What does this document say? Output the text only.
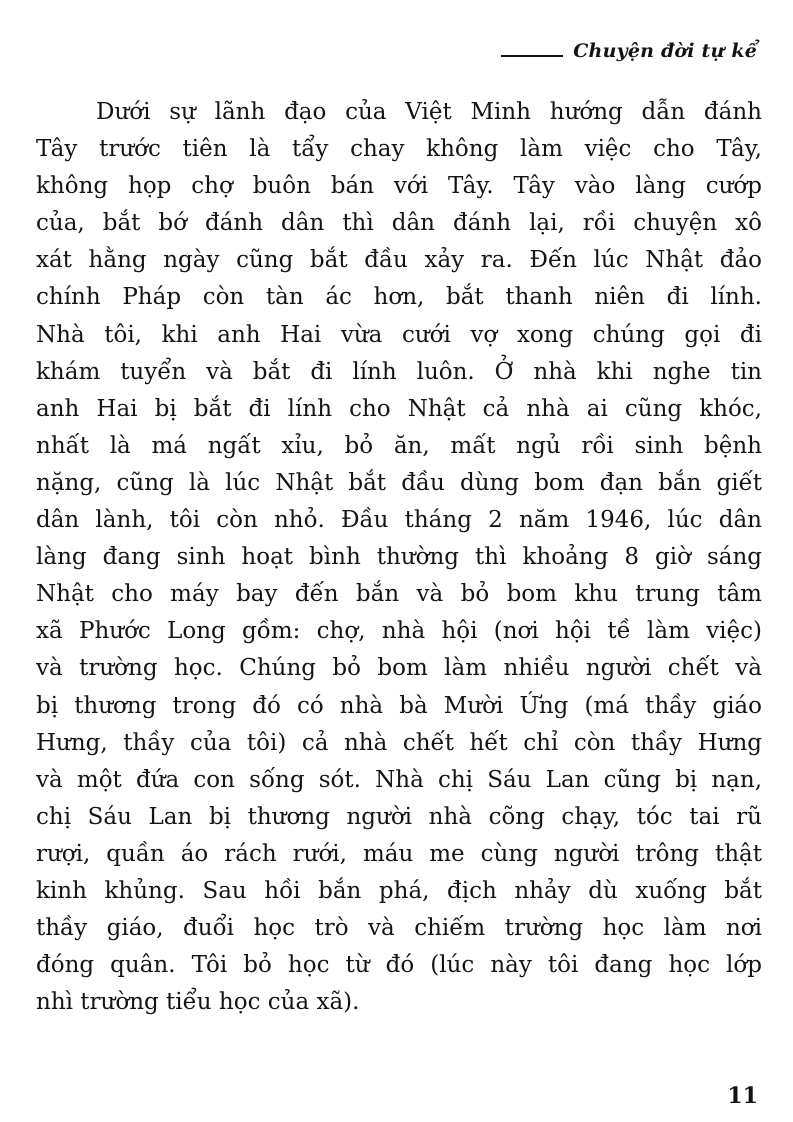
Chuyện đời tự kể

Dưới sự lãnh đạo của Việt Minh hướng dẫn đánh
Tây trước tiên là tẩy chay không làm việc cho Tây,
không họp chợ buôn bán với Tây. Tây vào làng cướp
của, bắt bớ đánh dân thì dân đánh lại, rồi chuyện xô
xát hằng ngày cũng bắt đầu xảy ra. Đến lúc Nhật đảo
chính Pháp còn tàn ác hơn, bắt thanh niên đi lính.
Nhà tôi, khi anh Hai vừa cưới vợ xong chúng gọi đi
khám tuyển và bắt đi lính luôn. Ở nhà khi nghe tin
anh Hai bị bắt đi lính cho Nhật cả nhà ai cũng khóc,
nhất là má ngất xỉu, bỏ ăn, mất ngủ rồi sinh bệnh
nặng, cũng là lúc Nhật bắt đầu dùng bom đạn bắn giết
dân lành, tôi còn nhỏ. Đầu tháng 2 năm 1946, lúc dân
làng đang sinh hoạt bình thường thì khoảng 8 giờ sáng
Nhật cho máy bay đến bắn và bỏ bom khu trung tâm
xã Phước Long gồm: chợ, nhà hội (nơi hội tề làm việc)
và trường học. Chúng bỏ bom làm nhiều người chết và
bị thương trong đó có nhà bà Mười Ứng (má thầy giáo
Hưng, thầy của tôi) cả nhà chết hết chỉ còn thầy Hưng
và một đứa con sống sót. Nhà chị Sáu Lan cũng bị nạn,
chị Sáu Lan bị thương người nhà cõng chạy, tóc tai rũ
rượi, quần áo rách rưới, máu me cùng người trông thật
kinh khủng. Sau hồi bắn phá, địch nhảy dù xuống bắt
thầy giáo, đuổi học trò và chiếm trường học làm nơi
đóng quân. Tôi bỏ học từ đó (lúc này tôi đang học lớp
nhì trường tiểu học của xã).

11
